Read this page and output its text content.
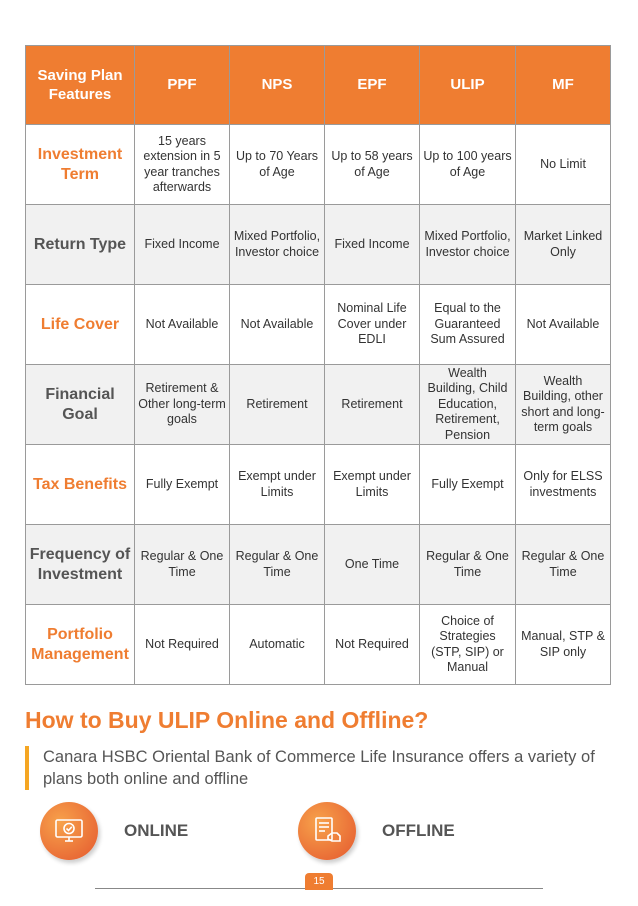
Saving Plan Features	PPF	NPS	EPF	ULIP	MF
Investment Term	15 years extension in 5 year tranches afterwards	Up to 70 Years of Age	Up to 58 years of Age	Up to 100 years of Age	No Limit
Return Type	Fixed Income	Mixed Portfolio, Investor choice	Fixed Income	Mixed Portfolio, Investor choice	Market Linked Only
Life Cover	Not Available	Not Available	Nominal Life Cover under EDLI	Equal to the Guaranteed Sum Assured	Not Available
Financial Goal	Retirement & Other long-term goals	Retirement	Retirement	Wealth Building, Child Education, Retirement, Pension	Wealth Building, other short and long-term goals
Tax Benefits	Fully Exempt	Exempt under Limits	Exempt under Limits	Fully Exempt	Only for ELSS investments
Frequency of Investment	Regular & One Time	Regular & One Time	One Time	Regular & One Time	Regular & One Time
Portfolio Management	Not Required	Automatic	Not Required	Choice of Strategies (STP, SIP) or Manual	Manual, STP & SIP only
How to Buy ULIP Online and Offline?
Canara HSBC Oriental Bank of Commerce Life Insurance offers a variety of plans both online and offline
ONLINE	OFFLINE
15
